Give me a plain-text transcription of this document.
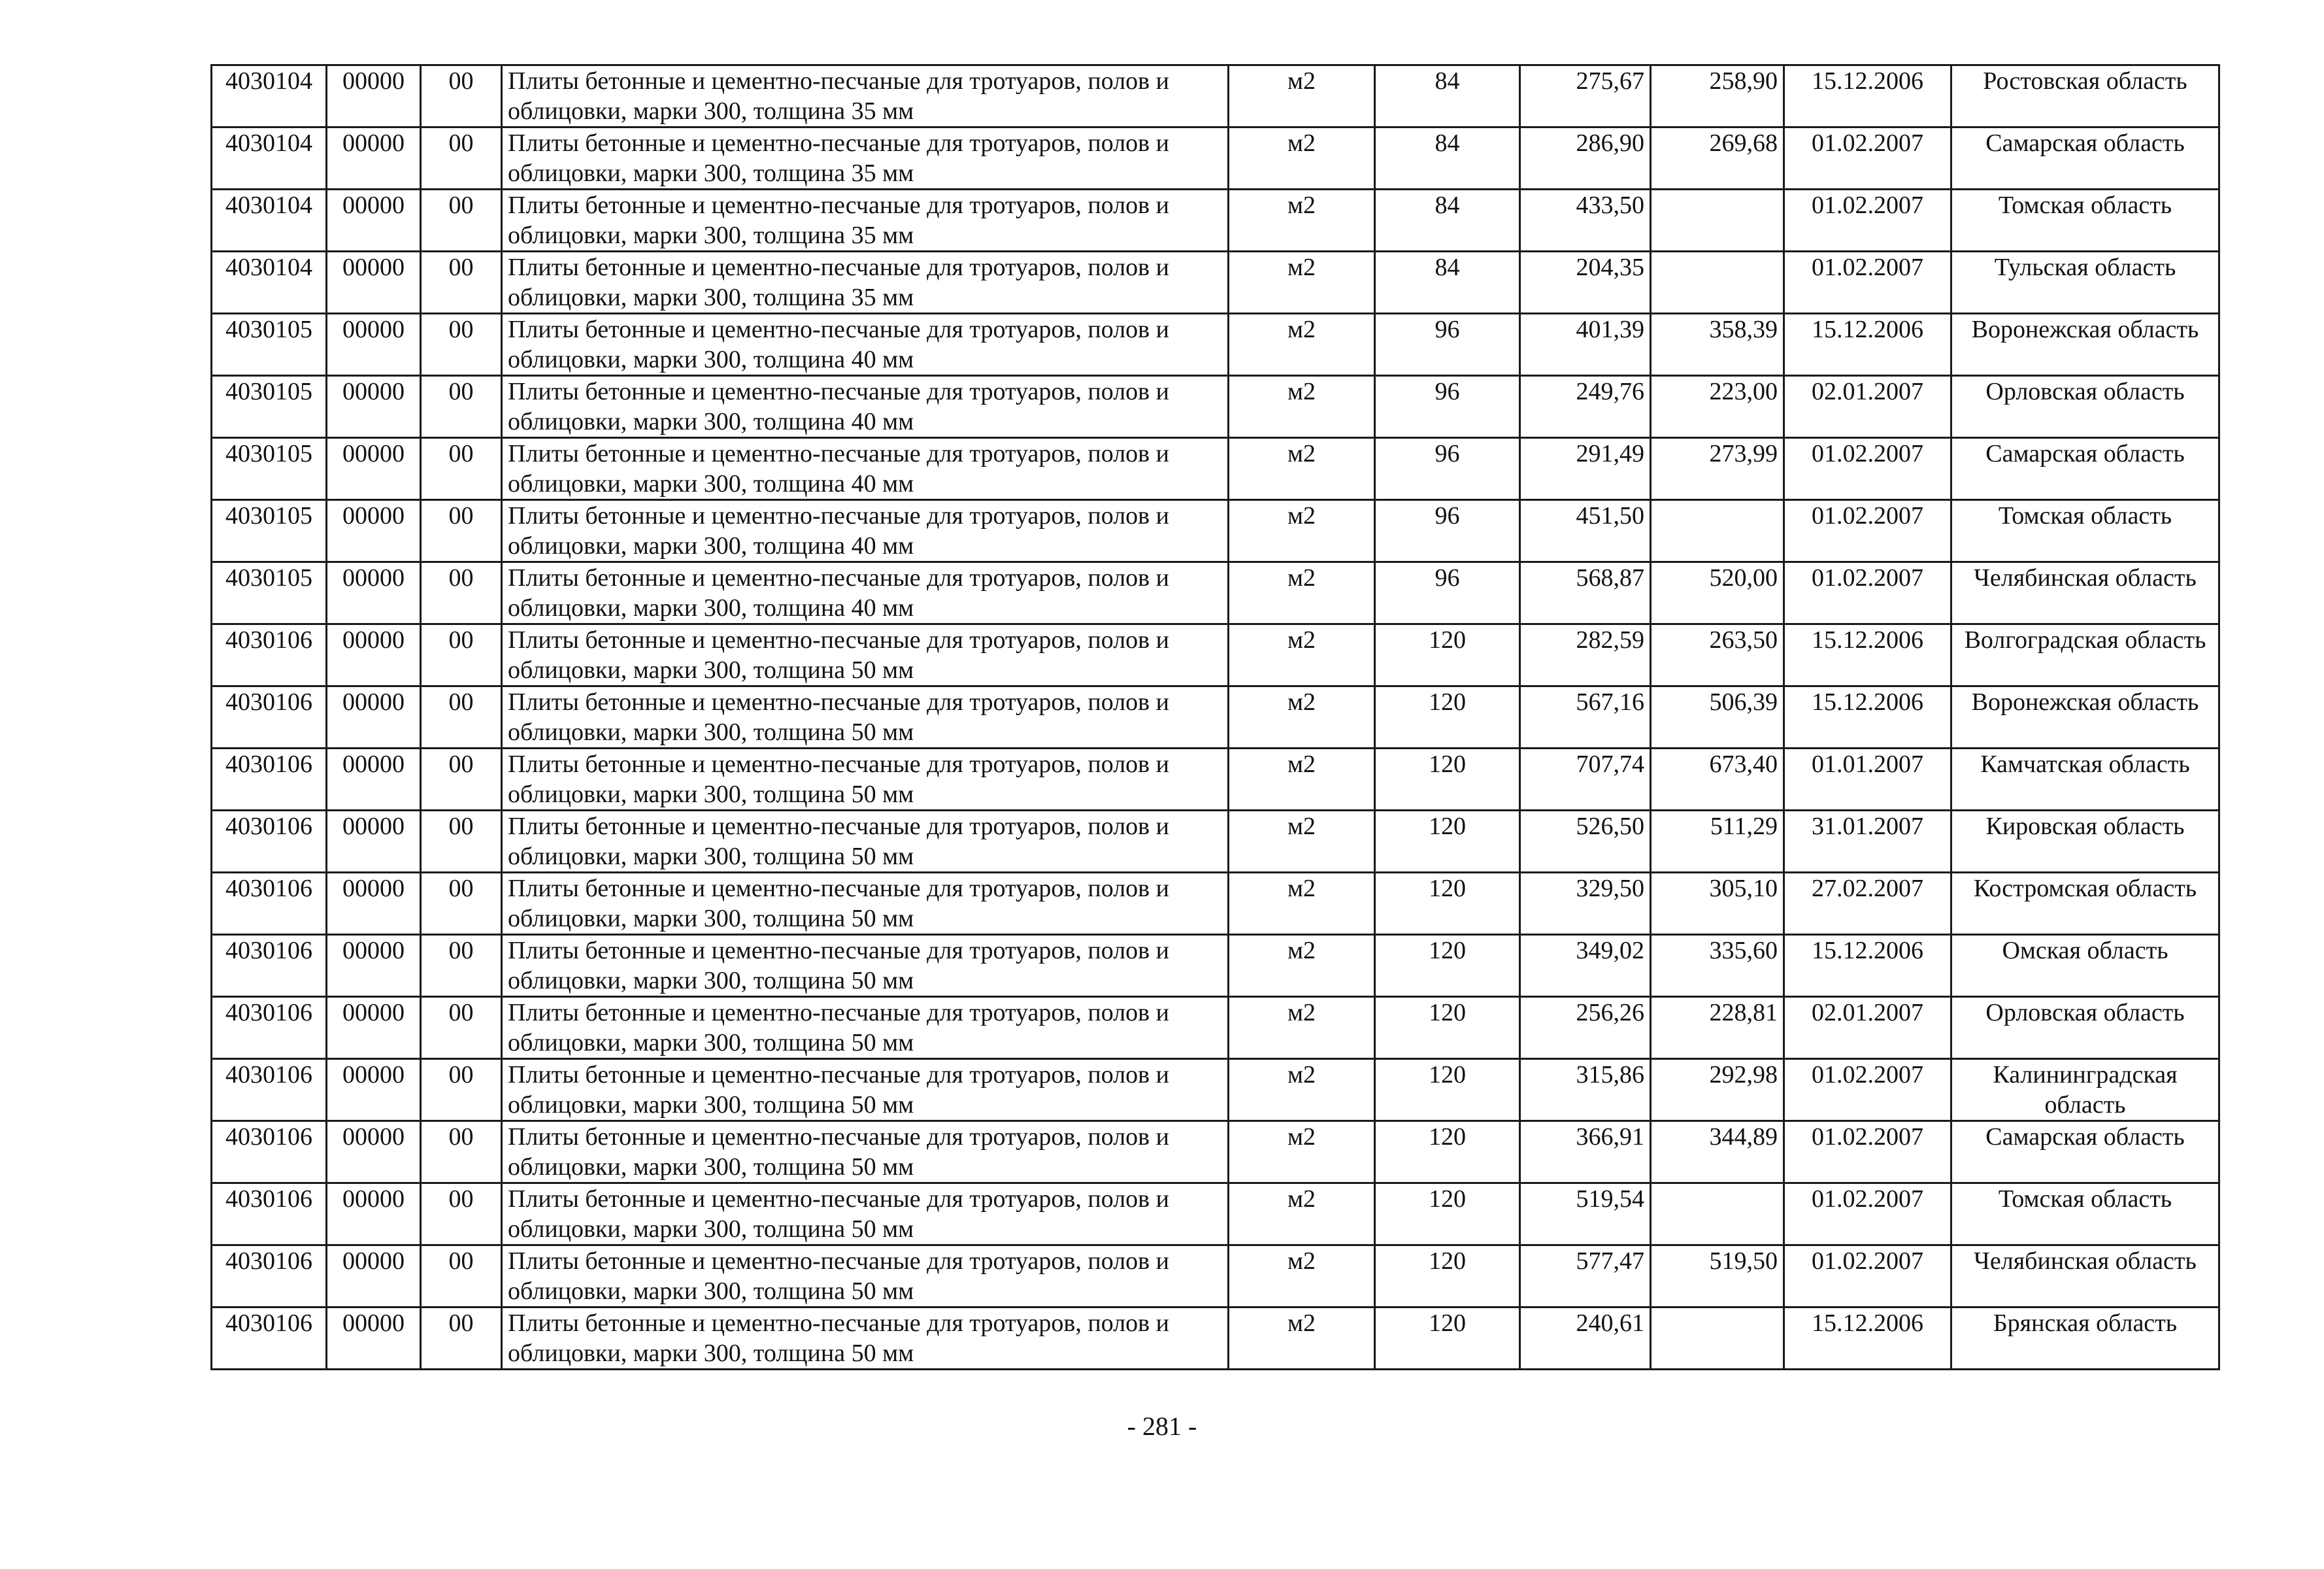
4030104	00000	00	Плиты бетонные и цементно-песчаные для тротуаров, полов и облицовки, марки 300, толщина 35 мм	м2	84	275,67	258,90	15.12.2006	Ростовская область
4030104	00000	00	Плиты бетонные и цементно-песчаные для тротуаров, полов и облицовки, марки 300, толщина 35 мм	м2	84	286,90	269,68	01.02.2007	Самарская область
4030104	00000	00	Плиты бетонные и цементно-песчаные для тротуаров, полов и облицовки, марки 300, толщина 35 мм	м2	84	433,50		01.02.2007	Томская область
4030104	00000	00	Плиты бетонные и цементно-песчаные для тротуаров, полов и облицовки, марки 300, толщина 35 мм	м2	84	204,35		01.02.2007	Тульская область
4030105	00000	00	Плиты бетонные и цементно-песчаные для тротуаров, полов и облицовки, марки 300, толщина 40 мм	м2	96	401,39	358,39	15.12.2006	Воронежская область
4030105	00000	00	Плиты бетонные и цементно-песчаные для тротуаров, полов и облицовки, марки 300, толщина 40 мм	м2	96	249,76	223,00	02.01.2007	Орловская область
4030105	00000	00	Плиты бетонные и цементно-песчаные для тротуаров, полов и облицовки, марки 300, толщина 40 мм	м2	96	291,49	273,99	01.02.2007	Самарская область
4030105	00000	00	Плиты бетонные и цементно-песчаные для тротуаров, полов и облицовки, марки 300, толщина 40 мм	м2	96	451,50		01.02.2007	Томская область
4030105	00000	00	Плиты бетонные и цементно-песчаные для тротуаров, полов и облицовки, марки 300, толщина 40 мм	м2	96	568,87	520,00	01.02.2007	Челябинская область
4030106	00000	00	Плиты бетонные и цементно-песчаные для тротуаров, полов и облицовки, марки 300, толщина 50 мм	м2	120	282,59	263,50	15.12.2006	Волгоградская область
4030106	00000	00	Плиты бетонные и цементно-песчаные для тротуаров, полов и облицовки, марки 300, толщина 50 мм	м2	120	567,16	506,39	15.12.2006	Воронежская область
4030106	00000	00	Плиты бетонные и цементно-песчаные для тротуаров, полов и облицовки, марки 300, толщина 50 мм	м2	120	707,74	673,40	01.01.2007	Камчатская область
4030106	00000	00	Плиты бетонные и цементно-песчаные для тротуаров, полов и облицовки, марки 300, толщина 50 мм	м2	120	526,50	511,29	31.01.2007	Кировская область
4030106	00000	00	Плиты бетонные и цементно-песчаные для тротуаров, полов и облицовки, марки 300, толщина 50 мм	м2	120	329,50	305,10	27.02.2007	Костромская область
4030106	00000	00	Плиты бетонные и цементно-песчаные для тротуаров, полов и облицовки, марки 300, толщина 50 мм	м2	120	349,02	335,60	15.12.2006	Омская область
4030106	00000	00	Плиты бетонные и цементно-песчаные для тротуаров, полов и облицовки, марки 300, толщина 50 мм	м2	120	256,26	228,81	02.01.2007	Орловская область
4030106	00000	00	Плиты бетонные и цементно-песчаные для тротуаров, полов и облицовки, марки 300, толщина 50 мм	м2	120	315,86	292,98	01.02.2007	Калининградская область
4030106	00000	00	Плиты бетонные и цементно-песчаные для тротуаров, полов и облицовки, марки 300, толщина 50 мм	м2	120	366,91	344,89	01.02.2007	Самарская область
4030106	00000	00	Плиты бетонные и цементно-песчаные для тротуаров, полов и облицовки, марки 300, толщина 50 мм	м2	120	519,54		01.02.2007	Томская область
4030106	00000	00	Плиты бетонные и цементно-песчаные для тротуаров, полов и облицовки, марки 300, толщина 50 мм	м2	120	577,47	519,50	01.02.2007	Челябинская область
4030106	00000	00	Плиты бетонные и цементно-песчаные для тротуаров, полов и облицовки, марки 300, толщина 50 мм	м2	120	240,61		15.12.2006	Брянская область
- 281 -
